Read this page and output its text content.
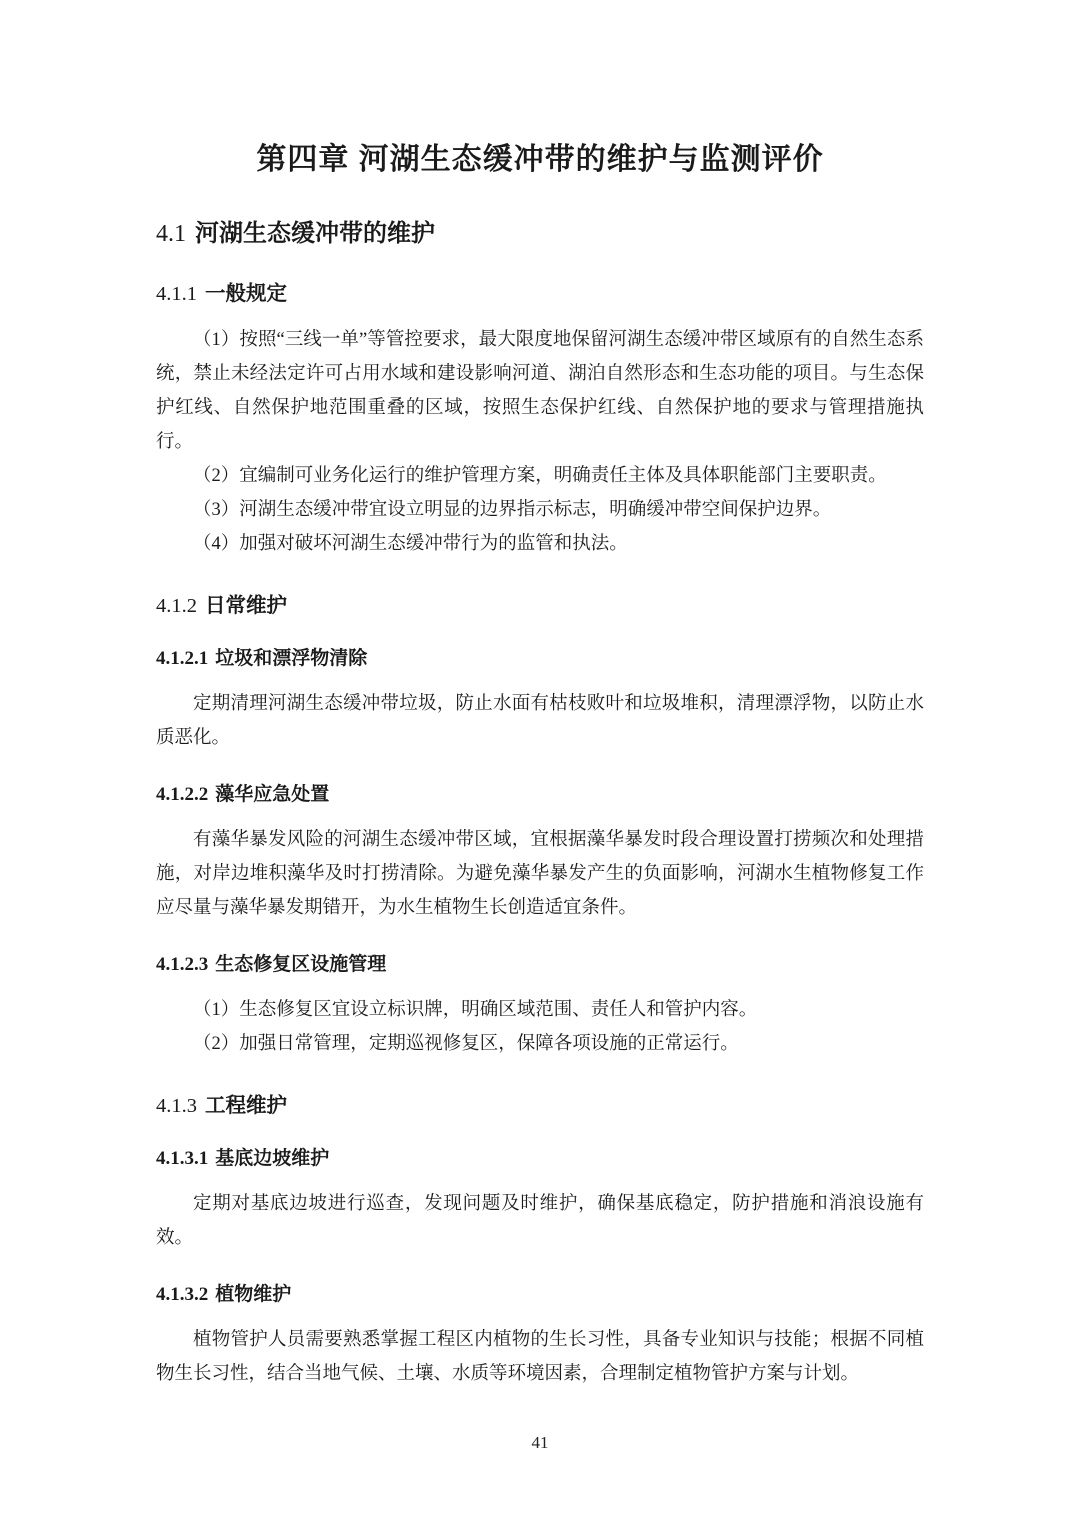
第四章 河湖生态缓冲带的维护与监测评价
4.1 河湖生态缓冲带的维护
4.1.1 一般规定

（1）按照“三线一单”等管控要求，最大限度地保留河湖生态缓冲带区域原有的自然生态系统，禁止未经法定许可占用水域和建设影响河道、湖泊自然形态和生态功能的项目。与生态保护红线、自然保护地范围重叠的区域，按照生态保护红线、自然保护地的要求与管理措施执行。

（2）宜编制可业务化运行的维护管理方案，明确责任主体及具体职能部门主要职责。

（3）河湖生态缓冲带宜设立明显的边界指示标志，明确缓冲带空间保护边界。

（4）加强对破坏河湖生态缓冲带行为的监管和执法。

4.1.2 日常维护
4.1.2.1 垃圾和漂浮物清除

定期清理河湖生态缓冲带垃圾，防止水面有枯枝败叶和垃圾堆积，清理漂浮物，以防止水质恶化。

4.1.2.2 藻华应急处置

有藻华暴发风险的河湖生态缓冲带区域，宜根据藻华暴发时段合理设置打捞频次和处理措施，对岸边堆积藻华及时打捞清除。为避免藻华暴发产生的负面影响，河湖水生植物修复工作应尽量与藻华暴发期错开，为水生植物生长创造适宜条件。

4.1.2.3 生态修复区设施管理

（1）生态修复区宜设立标识牌，明确区域范围、责任人和管护内容。

（2）加强日常管理，定期巡视修复区，保障各项设施的正常运行。

4.1.3 工程维护
4.1.3.1 基底边坡维护

定期对基底边坡进行巡查，发现问题及时维护，确保基底稳定，防护措施和消浪设施有效。

4.1.3.2 植物维护

植物管护人员需要熟悉掌握工程区内植物的生长习性，具备专业知识与技能；根据不同植物生长习性，结合当地气候、土壤、水质等环境因素，合理制定植物管护方案与计划。

41
